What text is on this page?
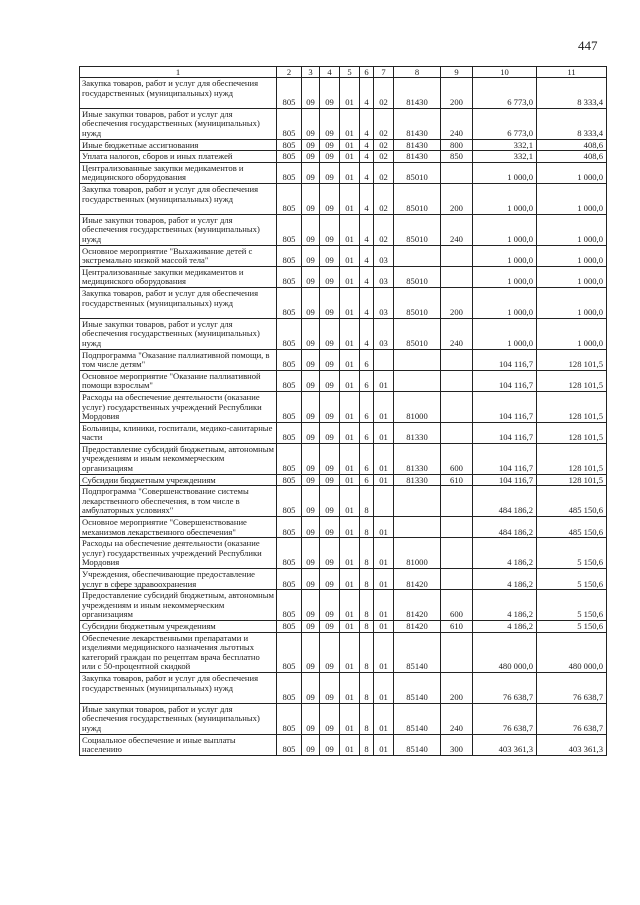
447
1	2	3	4	5	6	7	8	9	10	11
Закупка товаров, работ и услуг для обеспечения государственных (муниципальных) нужд	805	09	09	01	4	02	81430	200	6 773,0	8 333,4
Иные закупки товаров, работ и услуг для обеспечения государственных (муниципальных) нужд	805	09	09	01	4	02	81430	240	6 773,0	8 333,4
Иные бюджетные ассигнования	805	09	09	01	4	02	81430	800	332,1	408,6
Уплата налогов, сборов и иных платежей	805	09	09	01	4	02	81430	850	332,1	408,6
Централизованные закупки медикаментов и медицинского оборудования	805	09	09	01	4	02	85010		1 000,0	1 000,0
Закупка товаров, работ и услуг для обеспечения государственных (муниципальных) нужд	805	09	09	01	4	02	85010	200	1 000,0	1 000,0
Иные закупки товаров, работ и услуг для обеспечения государственных (муниципальных) нужд	805	09	09	01	4	02	85010	240	1 000,0	1 000,0
Основное мероприятие "Выхаживание детей с экстремально низкой массой тела"	805	09	09	01	4	03			1 000,0	1 000,0
Централизованные закупки медикаментов и медицинского оборудования	805	09	09	01	4	03	85010		1 000,0	1 000,0
Закупка товаров, работ и услуг для обеспечения государственных (муниципальных) нужд	805	09	09	01	4	03	85010	200	1 000,0	1 000,0
Иные закупки товаров, работ и услуг для обеспечения государственных (муниципальных) нужд	805	09	09	01	4	03	85010	240	1 000,0	1 000,0
Подпрограмма "Оказание паллиативной помощи, в том числе детям"	805	09	09	01	6				104 116,7	128 101,5
Основное мероприятие "Оказание паллиативной помощи взрослым"	805	09	09	01	6	01			104 116,7	128 101,5
Расходы на обеспечение деятельности (оказание услуг) государственных учреждений Республики Мордовия	805	09	09	01	6	01	81000		104 116,7	128 101,5
Больницы, клиники, госпитали, медико-санитарные части	805	09	09	01	6	01	81330		104 116,7	128 101,5
Предоставление субсидий бюджетным, автономным учреждениям и иным некоммерческим организациям	805	09	09	01	6	01	81330	600	104 116,7	128 101,5
Субсидии бюджетным учреждениям	805	09	09	01	6	01	81330	610	104 116,7	128 101,5
Подпрограмма "Совершенствование системы лекарственного обеспечения, в том числе в амбулаторных условиях"	805	09	09	01	8				484 186,2	485 150,6
Основное мероприятие "Совершенствование механизмов лекарственного обеспечения"	805	09	09	01	8	01			484 186,2	485 150,6
Расходы на обеспечение деятельности (оказание услуг) государственных учреждений Республики Мордовия	805	09	09	01	8	01	81000		4 186,2	5 150,6
Учреждения, обеспечивающие предоставление услуг в сфере здравоохранения	805	09	09	01	8	01	81420		4 186,2	5 150,6
Предоставление субсидий бюджетным, автономным учреждениям и иным некоммерческим организациям	805	09	09	01	8	01	81420	600	4 186,2	5 150,6
Субсидии бюджетным учреждениям	805	09	09	01	8	01	81420	610	4 186,2	5 150,6
Обеспечение лекарственными препаратами и изделиями медицинского назначения льготных категорий граждан по рецептам врача бесплатно или с 50-процентной скидкой	805	09	09	01	8	01	85140		480 000,0	480 000,0
Закупка товаров, работ и услуг для обеспечения государственных (муниципальных) нужд	805	09	09	01	8	01	85140	200	76 638,7	76 638,7
Иные закупки товаров, работ и услуг для обеспечения государственных (муниципальных) нужд	805	09	09	01	8	01	85140	240	76 638,7	76 638,7
Социальное обеспечение и иные выплаты населению	805	09	09	01	8	01	85140	300	403 361,3	403 361,3
